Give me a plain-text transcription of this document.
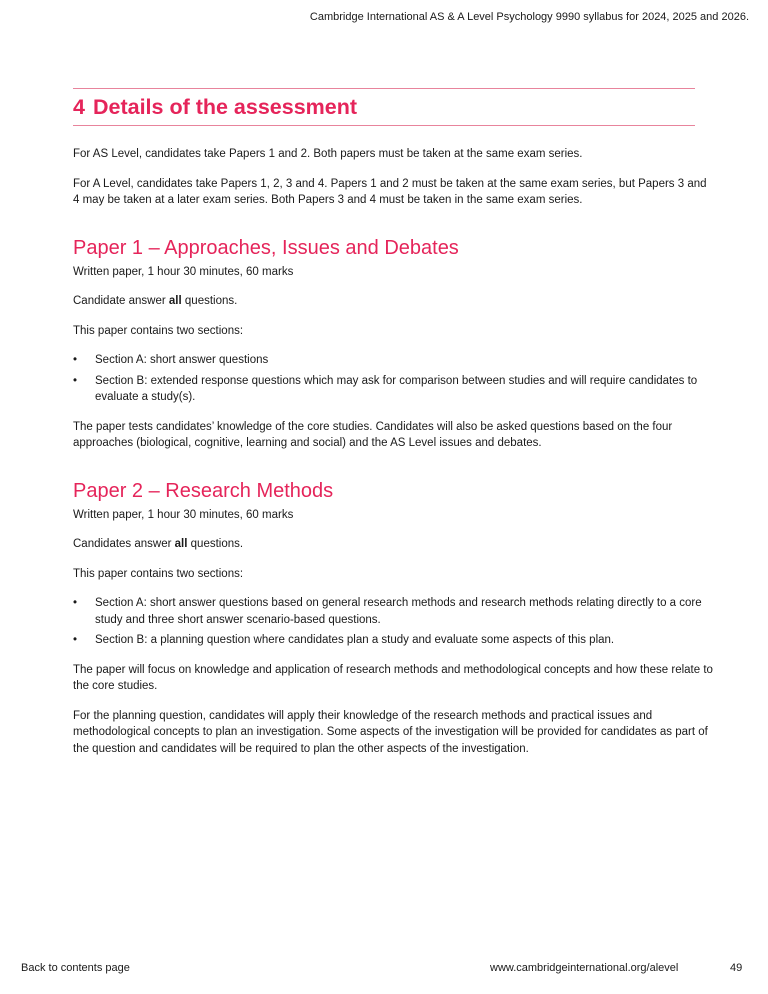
Cambridge International AS & A Level Psychology 9990 syllabus for 2024, 2025 and 2026.
4 Details of the assessment

For AS Level, candidates take Papers 1 and 2. Both papers must be taken at the same exam series.

For A Level, candidates take Papers 1, 2, 3 and 4. Papers 1 and 2 must be taken at the same exam series, but Papers 3 and 4 may be taken at a later exam series. Both Papers 3 and 4 must be taken in the same exam series.

Paper 1 – Approaches, Issues and Debates

Written paper, 1 hour 30 minutes, 60 marks

Candidate answer all questions.

This paper contains two sections:

•	Section A: short answer questions
•	Section B: extended response questions which may ask for comparison between studies and will require candidates to evaluate a study(s).

The paper tests candidates’ knowledge of the core studies. Candidates will also be asked questions based on the four approaches (biological, cognitive, learning and social) and the AS Level issues and debates.

Paper 2 – Research Methods

Written paper, 1 hour 30 minutes, 60 marks

Candidates answer all questions.

This paper contains two sections:

•	Section A: short answer questions based on general research methods and research methods relating directly to a core study and three short answer scenario-based questions.
•	Section B: a planning question where candidates plan a study and evaluate some aspects of this plan.

The paper will focus on knowledge and application of research methods and methodological concepts and how these relate to the core studies.

For the planning question, candidates will apply their knowledge of the research methods and practical issues and methodological concepts to plan an investigation. Some aspects of the investigation will be provided for candidates as part of the question and candidates will be required to plan the other aspects of the investigation.

Back to contents page	www.cambridgeinternational.org/alevel	49
